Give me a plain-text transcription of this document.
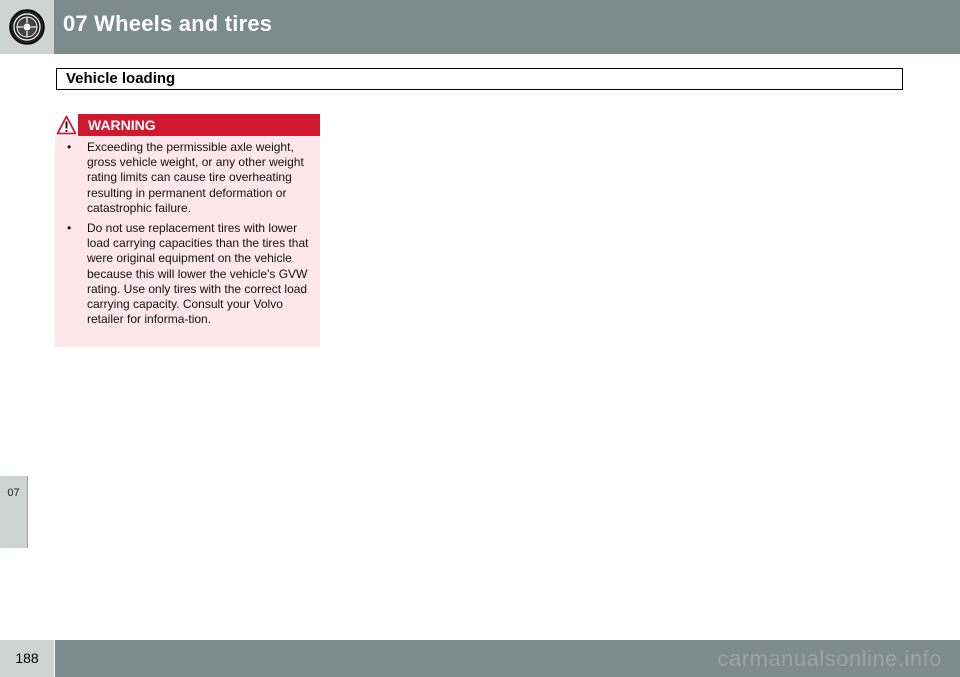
07 Wheels and tires
07
Vehicle loading
WARNING
• Exceeding the permissible axle weight, gross vehicle weight, or any other weight rating limits can cause tire overheating resulting in permanent deformation or catastrophic failure.
• Do not use replacement tires with lower load carrying capacities than the tires that were original equipment on the vehicle because this will lower the vehicle's GVW rating. Use only tires with the correct load carrying capacity. Consult your Volvo retailer for informa-tion.
188	carmanualsonline.info
